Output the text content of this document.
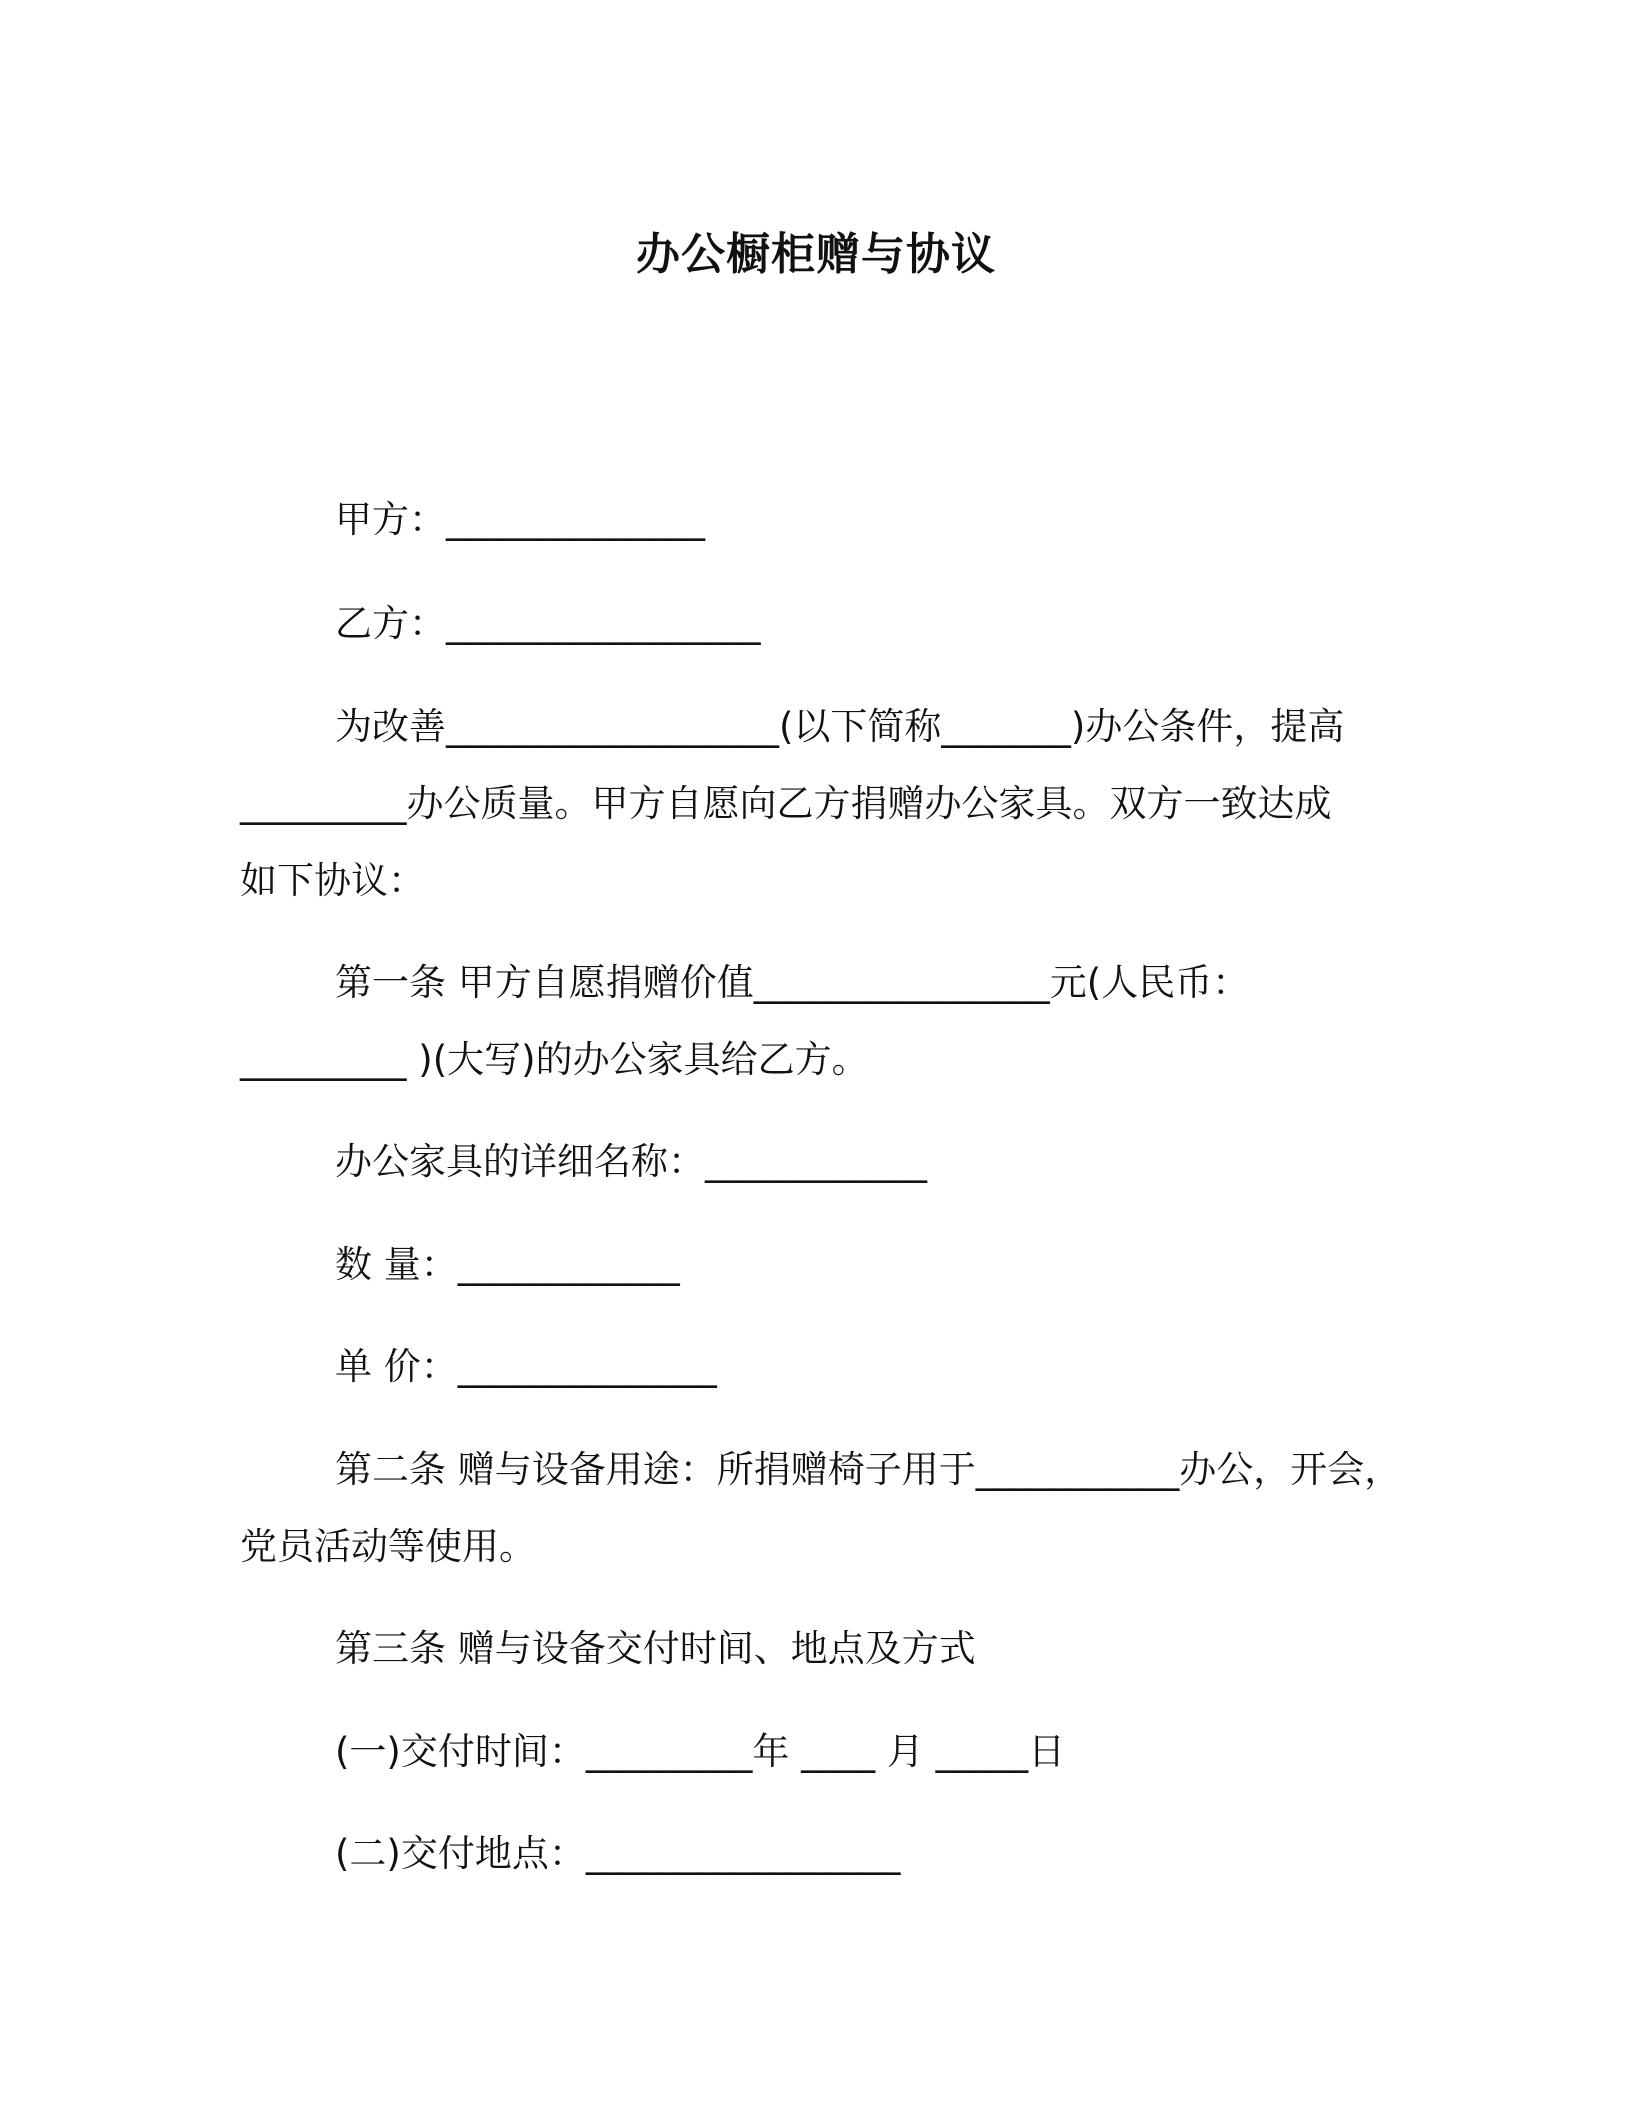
办公橱柜赠与协议
甲方：______________
乙方：_________________
为改善__________________(以下简称_______)办公条件，提高
_________办公质量。甲方自愿向乙方捐赠办公家具。双方一致达成
如下协议：
第一条 甲方自愿捐赠价值________________元(人民币：
_________ )(大写)的办公家具给乙方。
办公家具的详细名称：____________
数 量：____________
单 价：______________
第二条 赠与设备用途：所捐赠椅子用于___________办公，开会，
党员活动等使用。
第三条 赠与设备交付时间、地点及方式
(一)交付时间：_________年 ____ 月 _____日
(二)交付地点：_________________
